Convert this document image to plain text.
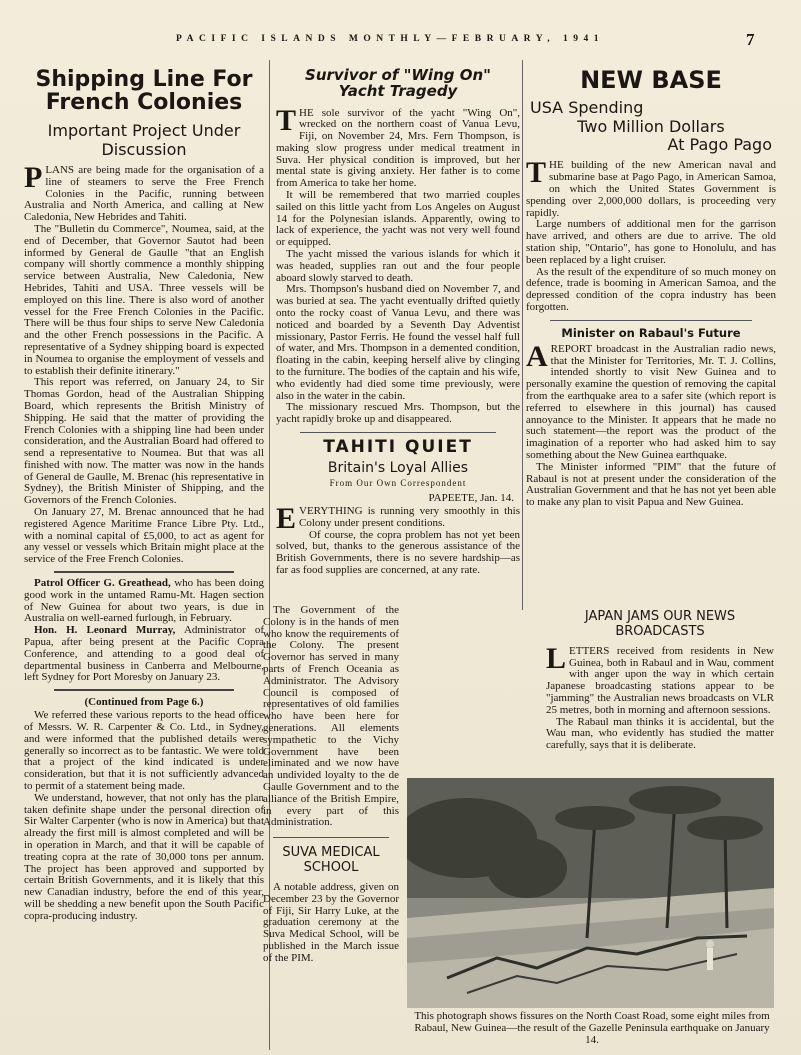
PACIFIC ISLANDS MONTHLY—FEBRUARY, 1941	7
Shipping Line For
French Colonies
Important Project Under
Discussion

PLANS are being made for the organisation of a line of steamers to serve the Free French Colonies in the Pacific, running between Australia and North America, and calling at New Caledonia, New Hebrides and Tahiti.

The "Bulletin du Commerce", Noumea, said, at the end of December, that Governor Sautot had been informed by General de Gaulle "that an English company will shortly commence a monthly shipping service between Australia, New Caledonia, New Hebrides, Tahiti and USA. Three vessels will be employed on this line. There is also word of another vessel for the Free French Colonies in the Pacific. There will be thus four ships to serve New Caledonia and the other French possessions in the Pacific. A representative of a Sydney shipping board is expected in Noumea to organise the employment of vessels and to establish their definite itinerary."

This report was referred, on January 24, to Sir Thomas Gordon, head of the Australian Shipping Board, which represents the British Ministry of Shipping. He said that the matter of providing the French Colonies with a shipping line had been under consideration, and the Australian Board had offered to send a representative to Noumea. But that was all finished with now. The matter was now in the hands of General de Gaulle, M. Brenac (his representative in Sydney), the British Minister of Shipping, and the Governors of the French Colonies.

On January 27, M. Brenac announced that he had registered Agence Maritime France Libre Pty. Ltd., with a nominal capital of £5,000, to act as agent for any vessel or vessels which Britain might place at the service of the Free French Colonies.

Patrol Officer G. Greathead, who has been doing good work in the untamed Ramu-Mt. Hagen section of New Guinea for about two years, is due in Australia on well-earned furlough, in February.

Hon. H. Leonard Murray, Administrator of Papua, after being present at the Pacific Copra Conference, and attending to a good deal of departmental business in Canberra and Melbourne, left Sydney for Port Moresby on January 23.

(Continued from Page 6.)

We referred these various reports to the head office of Messrs. W. R. Carpenter & Co. Ltd., in Sydney, and were informed that the published details were generally so incorrect as to be fantastic. We were told that a project of the kind indicated is under consideration, but that it is not sufficiently advanced to permit of a statement being made.

We understand, however, that not only has the plan taken definite shape under the personal direction of Sir Walter Carpenter (who is now in America) but that already the first mill is almost completed and will be in operation in March, and that it will be capable of treating copra at the rate of 30,000 tons per annum. The project has been approved and supported by certain British Governments, and it is likely that this new Canadian industry, before the end of this year, will be shedding a new benefit upon the South Pacific copra-producing industry.

Survivor of "Wing On"
Yacht Tragedy

THE sole survivor of the yacht "Wing On", wrecked on the northern coast of Vanua Levu, Fiji, on November 24, Mrs. Fern Thompson, is making slow progress under medical treatment in Suva. Her physical condition is improved, but her mental state is giving anxiety. Her father is to come from America to take her home.

It will be remembered that two married couples sailed on this little yacht from Los Angeles on August 14 for the Polynesian islands. Apparently, owing to lack of experience, the yacht was not very well found or equipped.

The yacht missed the various islands for which it was headed, supplies ran out and the four people aboard slowly starved to death.

Mrs. Thompson's husband died on November 7, and was buried at sea. The yacht eventually drifted quietly onto the rocky coast of Vanua Levu, and there was noticed and boarded by a Seventh Day Adventist missionary, Pastor Ferris. He found the vessel half full of water, and Mrs. Thompson in a demented condition, floating in the cabin, keeping herself alive by clinging to the furniture. The bodies of the captain and his wife, who evidently had died some time previously, were also in the water in the cabin.

The missionary rescued Mrs. Thompson, but the yacht rapidly broke up and disappeared.

TAHITI QUIET
Britain's Loyal Allies
From Our Own Correspondent
PAPEETE, Jan. 14.

EVERYTHING is running very smoothly in this Colony under present conditions.

Of course, the copra problem has not yet been solved, but, thanks to the generous assistance of the British Governments, there is no severe hardship—as far as food supplies are concerned, at any rate.

The Government of the Colony is in the hands of men who know the requirements of the Colony. The present Governor has served in many parts of French Oceania as Administrator. The Advisory Council is composed of representatives of old families who have been here for generations. All elements sympathetic to the Vichy Government have been eliminated and we now have an undivided loyalty to the de Gaulle Government and to the alliance of the British Empire, in every part of this Administration.

SUVA MEDICAL
SCHOOL

A notable address, given on December 23 by the Governor of Fiji, Sir Harry Luke, at the graduation ceremony at the Suva Medical School, will be published in the March issue of the PIM.

NEW BASE
USA Spending
Two Million Dollars
At Pago Pago

THE building of the new American naval and submarine base at Pago Pago, in American Samoa, on which the United States Government is spending over 2,000,000 dollars, is proceeding very rapidly.

Large numbers of additional men for the garrison have arrived, and others are due to arrive. The old station ship, "Ontario", has gone to Honolulu, and has been replaced by a light cruiser.

As the result of the expenditure of so much money on defence, trade is booming in American Samoa, and the depressed condition of the copra industry has been forgotten.

Minister on Rabaul's Future

AREPORT broadcast in the Australian radio news, that the Minister for Territories, Mr. T. J. Collins, intended shortly to visit New Guinea and to personally examine the question of removing the capital from the earthquake area to a safer site (which report is referred to elsewhere in this journal) has caused annoyance to the Minister. It appears that he made no such statement—the report was the product of the imagination of a reporter who had asked him to say something about the New Guinea earthquake.

The Minister informed "PIM" that the future of Rabaul is not at present under the consideration of the Australian Government and that he has not yet been able to make any plan to visit Papua and New Guinea.

JAPAN JAMS OUR NEWS
BROADCASTS

LETTERS received from residents in New Guinea, both in Rabaul and in Wau, comment with anger upon the way in which certain Japanese broadcasting stations appear to be "jamming" the Australian news broadcasts on VLR 25 metres, both in morning and afternoon sessions.

The Rabaul man thinks it is accidental, but the Wau man, who evidently has studied the matter carefully, says that it is deliberate.

This photograph shows fissures on the North Coast Road, some eight miles from Rabaul, New Guinea—the result of the Gazelle Peninsula earthquake on January 14.
